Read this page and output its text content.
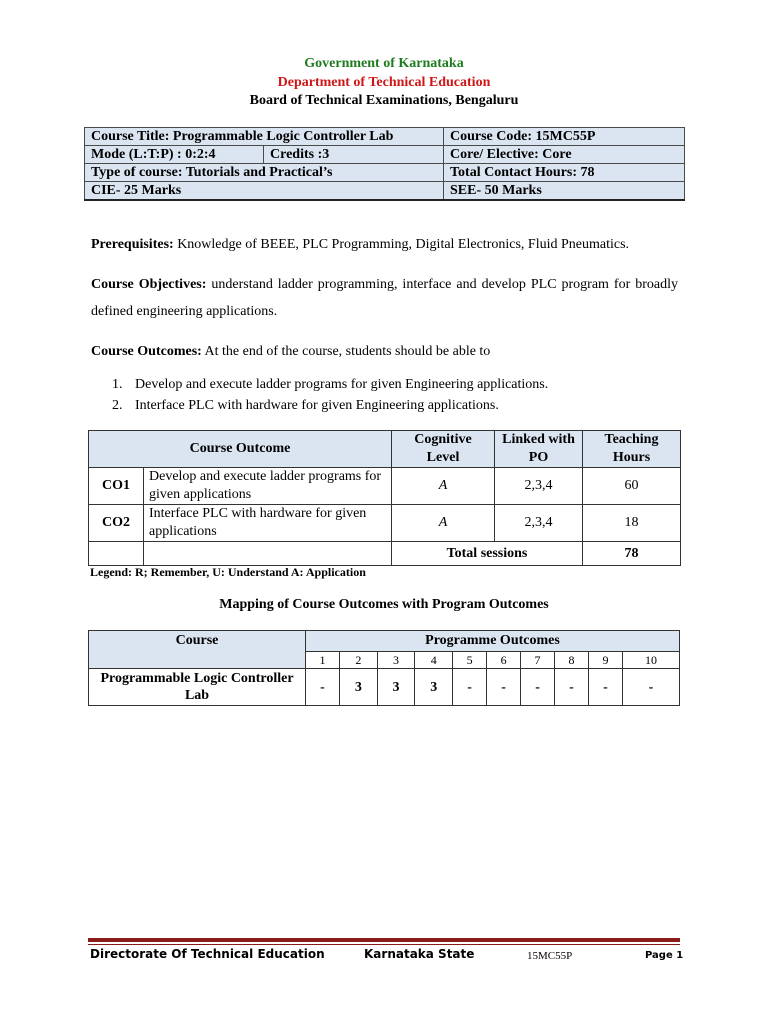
Government of Karnataka
Department of Technical Education
Board of Technical Examinations, Bengaluru
Course Title: Programmable Logic Controller Lab		Course Code: 15MC55P
Mode (L:T:P) : 0:2:4	Credits :3	Core/ Elective: Core
Type of course: Tutorials and Practical’s		Total Contact Hours: 78
CIE- 25 Marks		SEE- 50 Marks
Prerequisites: Knowledge of BEEE, PLC Programming, Digital Electronics, Fluid Pneumatics.
Course Objectives: understand ladder programming, interface and develop PLC program for broadly defined engineering applications.
Course Outcomes: At the end of the course, students should be able to
1. Develop and execute ladder programs for given Engineering applications.
2. Interface PLC with hardware for given Engineering applications.
Course Outcome		Cognitive Level	Linked with PO	Teaching Hours
CO1	Develop and execute ladder programs for given applications	A	2,3,4	60
CO2	Interface PLC with hardware for given applications	A	2,3,4	18
		Total sessions		78
Legend: R; Remember, U: Understand A: Application
Mapping of Course Outcomes with Program Outcomes
Course	Programme Outcomes									
	1	2	3	4	5	6	7	8	9	10
Programmable Logic Controller Lab	-	3	3	3	-	-	-	-	-	-
Directorate Of Technical Education	Karnataka State	15MC55P	Page 1
